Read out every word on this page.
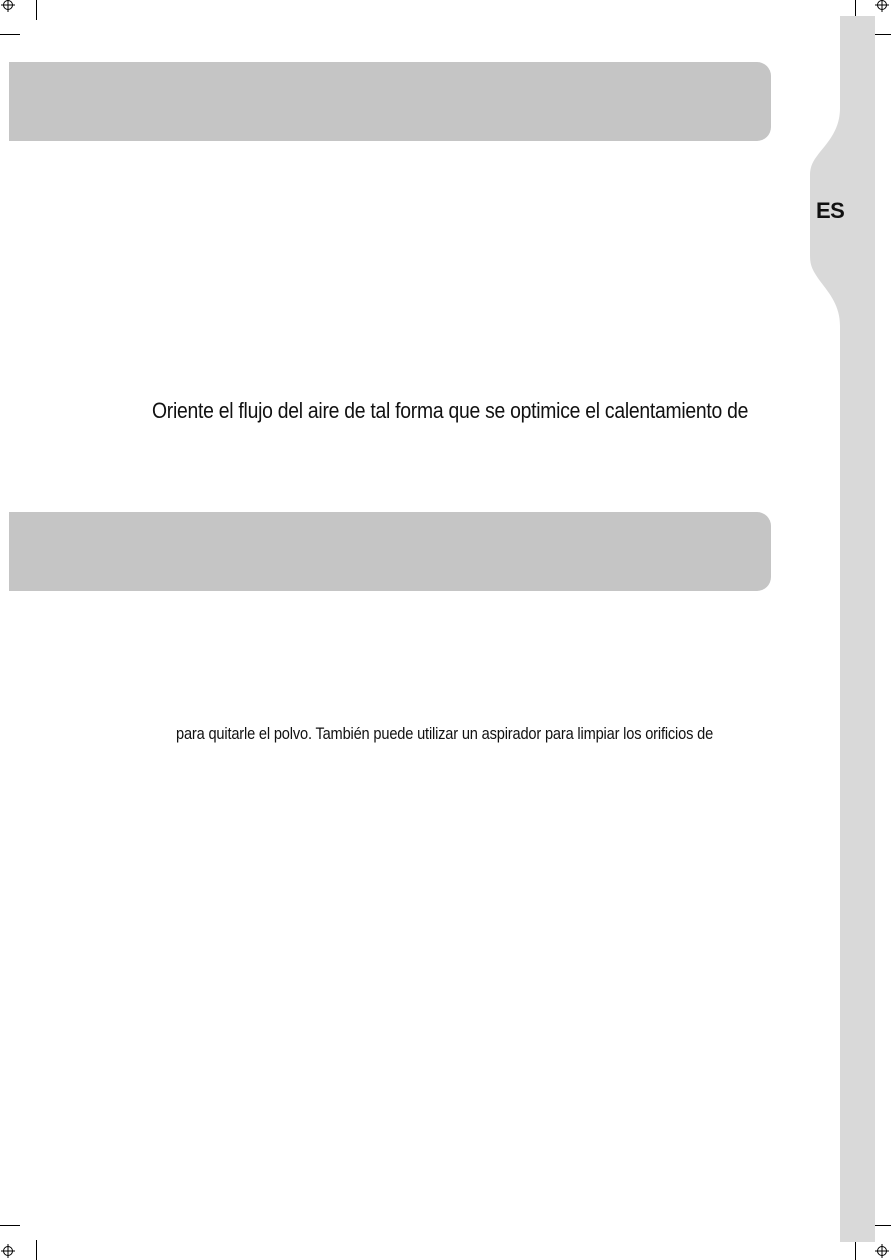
ES
Oriente el flujo del aire de tal forma que se optimice el calentamiento de
para quitarle el polvo. También puede utilizar un aspirador para limpiar los orificios de
